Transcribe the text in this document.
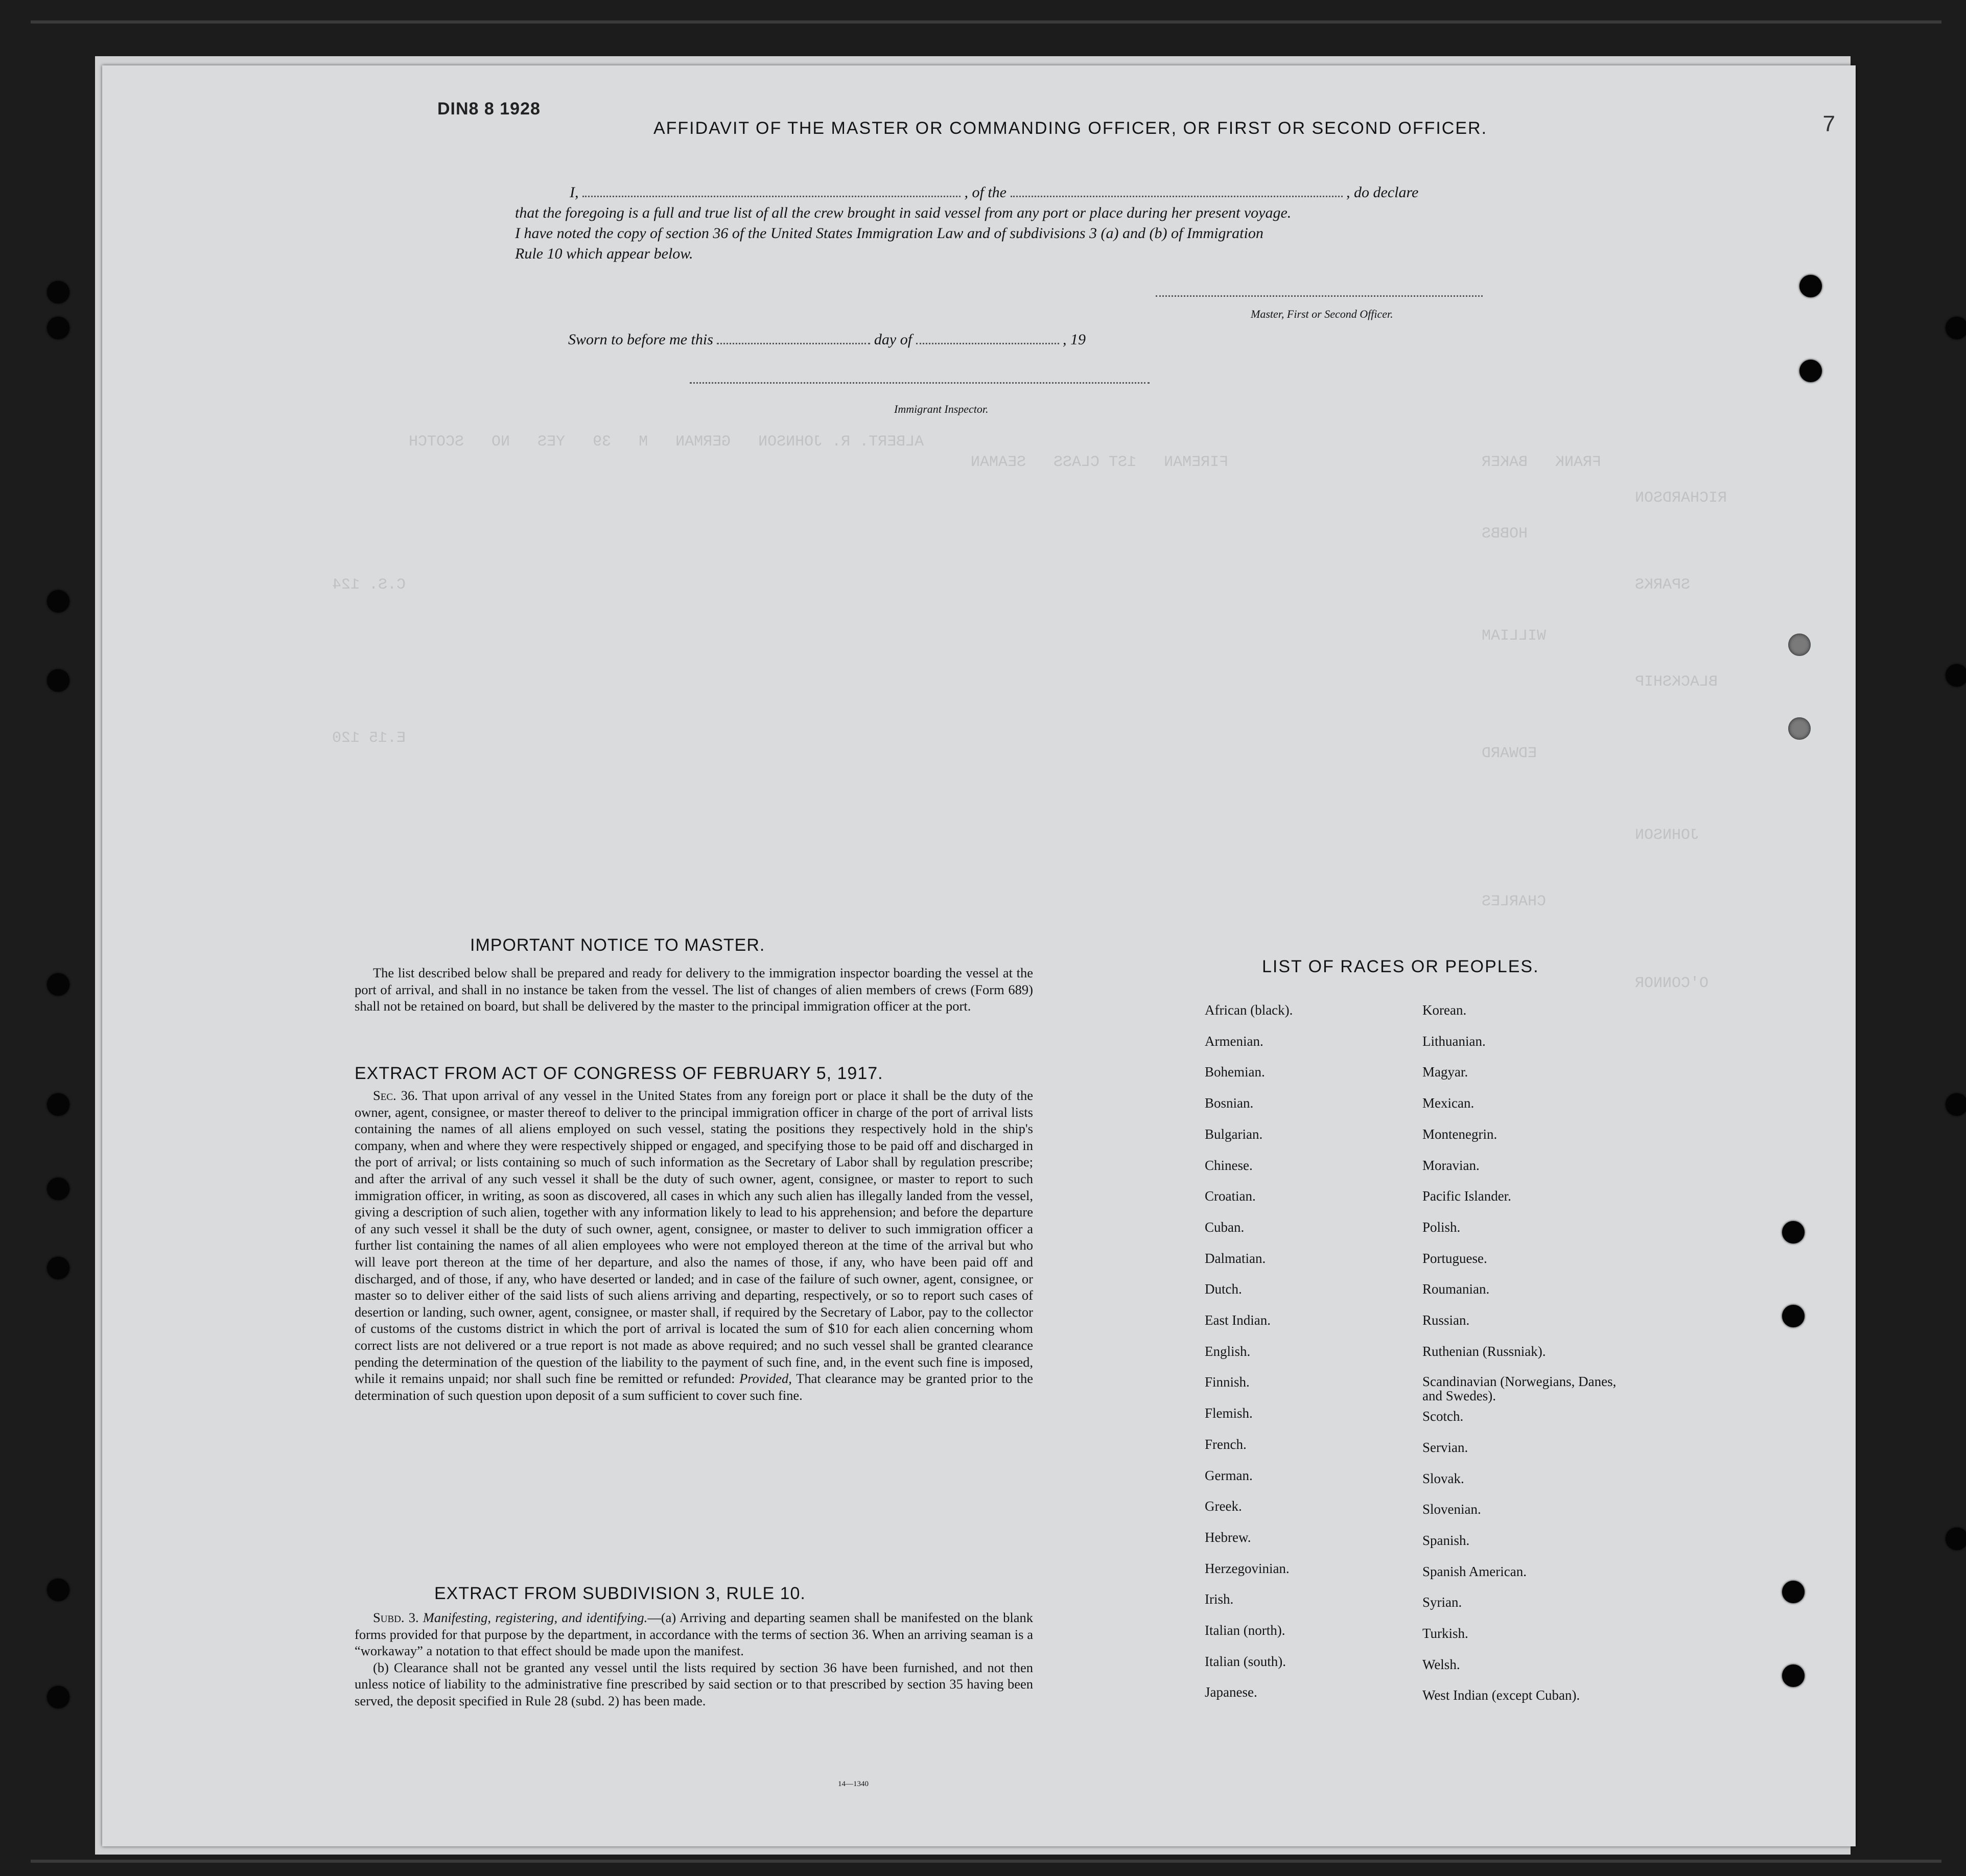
DIN8 8 1928
ALBERT. R. JOHNSON   GERMAN   M   39   YES   NO   SCOTCH
FRANK   BAKER
RICHARDSON
HOBBS
SPARKS
WILLIAM
BLACKSHIP
EDWARD
JOHNSON
CHARLES
O'CONNOR
FIREMAN   1ST CLASS   SEAMAN
C.S. 124
E.15 120
7
AFFIDAVIT OF THE MASTER OR COMMANDING OFFICER, OR FIRST OR SECOND OFFICER.
I,	, of the	, do declare
that the foregoing is a full and true list of all the crew brought in said vessel from any port or place during her present voyage.
I have noted the copy of section 36 of the United States Immigration Law and of subdivisions 3 (a) and (b) of Immigration
Rule 10 which appear below.
Master, First or Second Officer.
Sworn to before me this	day of	, 19
Immigrant Inspector.
IMPORTANT NOTICE TO MASTER.

The list described below shall be prepared and ready for delivery to the immigration inspector boarding the vessel at the port of arrival, and shall in no instance be taken from the vessel. The list of changes of alien members of crews (Form 689) shall not be retained on board, but shall be delivered by the master to the principal immigration officer at the port.

EXTRACT FROM ACT OF CONGRESS OF FEBRUARY 5, 1917.

Sec. 36. That upon arrival of any vessel in the United States from any foreign port or place it shall be the duty of the owner, agent, consignee, or master thereof to deliver to the principal immigration officer in charge of the port of arrival lists containing the names of all aliens employed on such vessel, stating the positions they respectively hold in the ship's company, when and where they were respectively shipped or engaged, and specifying those to be paid off and discharged in the port of arrival; or lists containing so much of such information as the Secretary of Labor shall by regulation prescribe; and after the arrival of any such vessel it shall be the duty of such owner, agent, consignee, or master to report to such immigration officer, in writing, as soon as discovered, all cases in which any such alien has illegally landed from the vessel, giving a description of such alien, together with any information likely to lead to his apprehension; and before the departure of any such vessel it shall be the duty of such owner, agent, consignee, or master to deliver to such immigration officer a further list containing the names of all alien employees who were not employed thereon at the time of the arrival but who will leave port thereon at the time of her departure, and also the names of those, if any, who have been paid off and discharged, and of those, if any, who have deserted or landed; and in case of the failure of such owner, agent, consignee, or master so to deliver either of the said lists of such aliens arriving and departing, respectively, or so to report such cases of desertion or landing, such owner, agent, consignee, or master shall, if required by the Secretary of Labor, pay to the collector of customs of the customs district in which the port of arrival is located the sum of $10 for each alien concerning whom correct lists are not delivered or a true report is not made as above required; and no such vessel shall be granted clearance pending the determination of the question of the liability to the payment of such fine, and, in the event such fine is imposed, while it remains unpaid; nor shall such fine be remitted or refunded: Provided, That clearance may be granted prior to the determination of such question upon deposit of a sum sufficient to cover such fine.

EXTRACT FROM SUBDIVISION 3, RULE 10.

Subd. 3. Manifesting, registering, and identifying.—(a) Arriving and departing seamen shall be manifested on the blank forms provided for that purpose by the department, in accordance with the terms of section 36. When an arriving seaman is a “workaway” a notation to that effect should be made upon the manifest.

(b) Clearance shall not be granted any vessel until the lists required by section 36 have been furnished, and not then unless notice of liability to the administrative fine prescribed by said section or to that prescribed by section 35 having been served, the deposit specified in Rule 28 (subd. 2) has been made.

14—1340
LIST OF RACES OR PEOPLES.
African (black).
Armenian.
Bohemian.
Bosnian.
Bulgarian.
Chinese.
Croatian.
Cuban.
Dalmatian.
Dutch.
East Indian.
English.
Finnish.
Flemish.
French.
German.
Greek.
Hebrew.
Herzegovinian.
Irish.
Italian (north).
Italian (south).
Japanese.
Korean.
Lithuanian.
Magyar.
Mexican.
Montenegrin.
Moravian.
Pacific Islander.
Polish.
Portuguese.
Roumanian.
Russian.
Ruthenian (Russniak).
Scandinavian (Norwegians, Danes, and Swedes).
Scotch.
Servian.
Slovak.
Slovenian.
Spanish.
Spanish American.
Syrian.
Turkish.
Welsh.
West Indian (except Cuban).
